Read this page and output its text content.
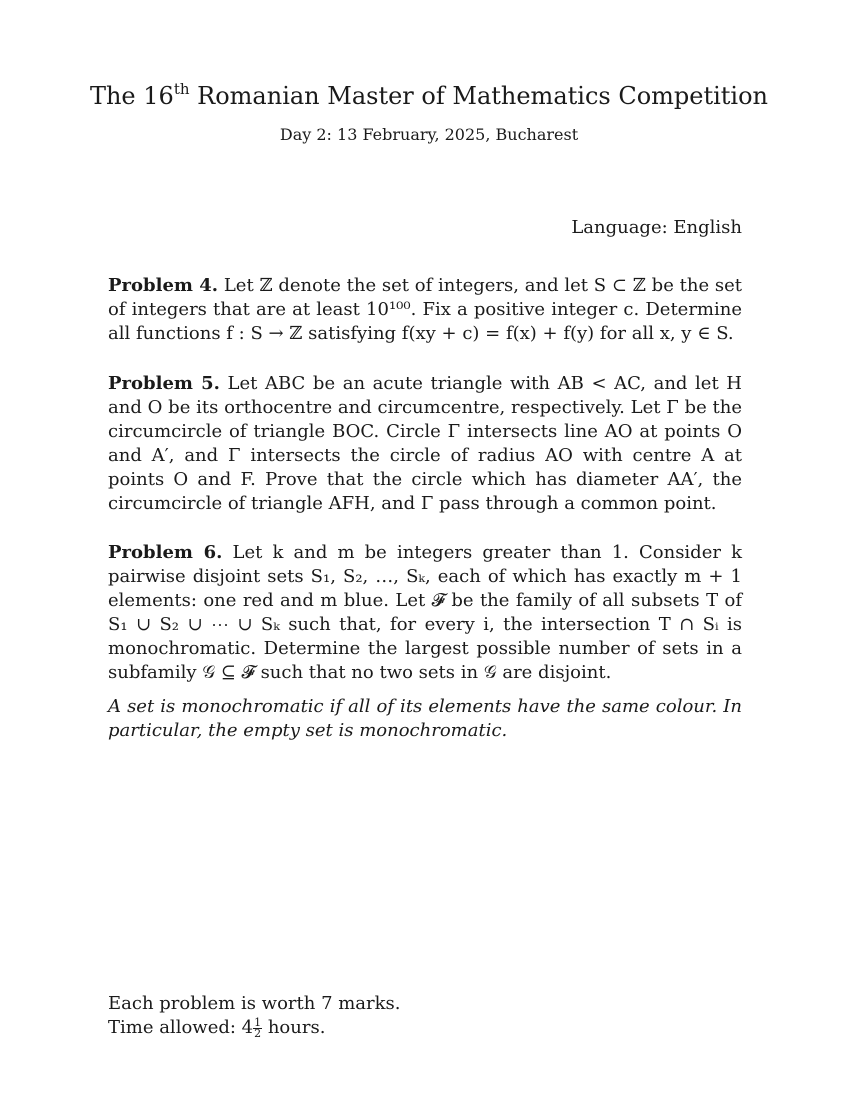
The 16th Romanian Master of Mathematics Competition
Day 2: 13 February, 2025, Bucharest
Language: English
Problem 4. Let ℤ denote the set of integers, and let S ⊂ ℤ be the set of integers that are at least 10¹⁰⁰. Fix a positive integer c. Determine all functions f : S → ℤ satisfying f(xy + c) = f(x) + f(y) for all x, y ∈ S.
Problem 5. Let ABC be an acute triangle with AB < AC, and let H and O be its orthocentre and circumcentre, respectively. Let Γ be the circumcircle of triangle BOC. Circle Γ intersects line AO at points O and A′, and Γ intersects the circle of radius AO with centre A at points O and F. Prove that the circle which has diameter AA′, the circumcircle of triangle AFH, and Γ pass through a common point.
Problem 6. Let k and m be integers greater than 1. Consider k pairwise disjoint sets S₁, S₂, …, Sₖ, each of which has exactly m + 1 elements: one red and m blue. Let 𝓕 be the family of all subsets T of S₁ ∪ S₂ ∪ ⋯ ∪ Sₖ such that, for every i, the intersection T ∩ Sᵢ is monochromatic. Determine the largest possible number of sets in a subfamily 𝒢 ⊆ 𝓕 such that no two sets in 𝒢 are disjoint.
A set is monochromatic if all of its elements have the same colour. In particular, the empty set is monochromatic.
Each problem is worth 7 marks.
Time allowed: $4 \frac{1}{2}$ hours.
